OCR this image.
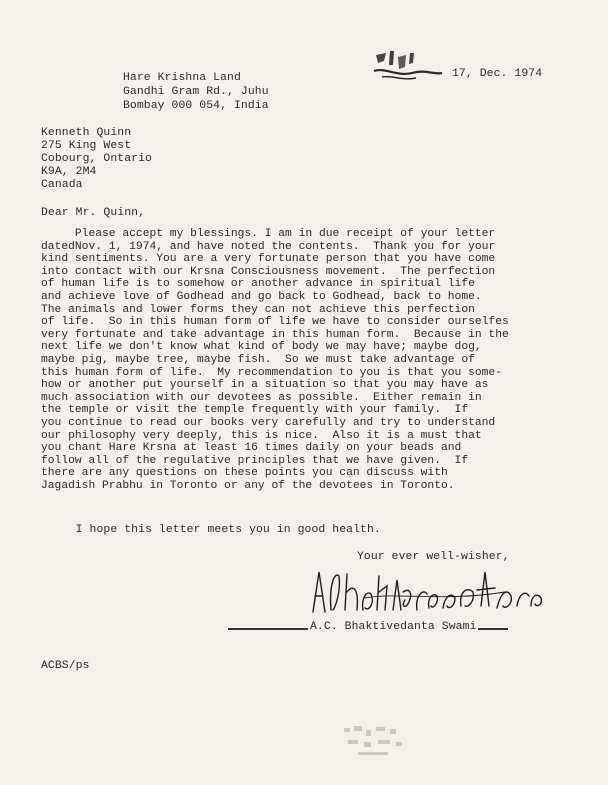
17, Dec. 1974
Hare Krishna Land
Gandhi Gram Rd., Juhu
Bombay 000 054, India
Kenneth Quinn
275 King West
Cobourg, Ontario
K9A, 2M4
Canada
Dear Mr. Quinn,
Please accept my blessings. I am in due receipt of your letter
datedNov. 1, 1974, and have noted the contents.  Thank you for your
kind sentiments. You are a very fortunate person that you have come
into contact with our Krsna Consciousness movement.  The perfection
of human life is to somehow or another advance in spiritual life
and achieve love of Godhead and go back to Godhead, back to home.
The animals and lower forms they can not achieve this perfection
of life.  So in this human form of life we have to consider ourselfes
very fortunate and take advantage in this human form.  Because in the
next life we don't know what kind of body we may have; maybe dog,
maybe pig, maybe tree, maybe fish.  So we must take advantage of
this human form of life.  My recommendation to you is that you some-
how or another put yourself in a situation so that you may have as
much association with our devotees as possible.  Either remain in
the temple or visit the temple frequently with your family.  If
you continue to read our books very carefully and try to understand
our philosophy very deeply, this is nice.  Also it is a must that
you chant Hare Krsna at least 16 times daily on your beads and
follow all of the regulative principles that we have given.  If
there are any questions on these points you can discuss with
Jagadish Prabhu in Toronto or any of the devotees in Toronto.
I hope this letter meets you in good health.
Your ever well-wisher,
A.C. Bhaktivedanta Swami
ACBS/ps
